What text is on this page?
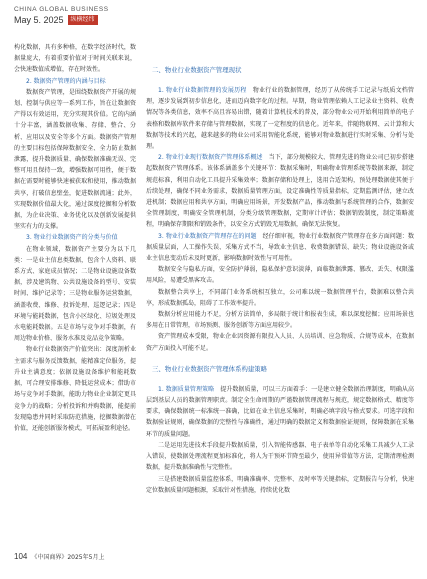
CHINA GLOBAL BUSINESS
May 5. 2025	纵横经纬

构化数据，具有多种格，在数字经济时代，数据量庞大，有着重要价值对于时间关联来说，会快速数值成增值，存在时效性。

2. 数据资产管理的内涵与目标

数据资产管理，是围绕数据资产开展的规划、控制与供应等一系列工作，旨在让数据资产得以有效运用，充分实现其价值。它的内涵十分丰富，涵盖数据收集、存储、整合、分析、应用以及安全等多个方面。数据资产管理的主要目标包括保障数据安全、全力防止数据泄露，提升数据质量、确保数据准确无误、完整可用且保持一致，增强数据可用性，便于数据在需要时能够快速被获取和使用，推动数据共享，打破信息壁垒，促进数据流通；此外，实现数据价值最大化，通过深度挖掘和分析数据，为企业决策、业务优化以及创新发展提供坚实有力的支撑。

3. 物业行业数据资产的分类与价值

在物业领域，数据资产主要分为以下几类：一是业主信息类数据，包含个人资料、联系方式、家庭成员情况；二是物业设施设备数据，涉及建筑物、公共设施设备的型号、安装时间、维护记录等；三是物业服务运营数据，涵盖收费、维修、投诉处理、巡逻记录；四是环境与能耗数据，包含小区绿化、垃圾处理及水电能耗数据。五是市场与竞争对手数据，有周边物业价格、服务水准及竞品竞争策略。

物业行业数据资产价值突出：深度剖析业主需求与服务反馈数据，能精准定位服务，提升业主满意度；依据设施设备维护和能耗数据，可合理安排维修、降低运营成本；借助市场与竞争对手数据，能助力物业企业制定更具竞争力的战略；分析投诉和并购数据，能提前发现隐患并同时采取防范措施，挖掘数据潜在价值，还能创新服务模式，可拓展盈利途径。

二、物业行业数据资产管理现状

1. 物业行业数据管理的发展历程　 物业行业的数据管理，经历了从传统手工记录与纸质文档管理，逐步发展到初步信息化，进而迈向数字化的过程。早期，物业管理依赖人工记录业主资料、收费情况等各类信息，效率不高且容易出错，随着计算机技术的普及，部分物业公司开始利用简单的电子表格和数据库软件来存储与管理数据，实现了一定程度的信息化。近年来，伴随物联网、云计算和大数据等技术的兴起，越来越多的物业公司采用智能化系统，能够对物业数据进行实时采集、分析与处理。

2. 物业行业现行数据资产管理体系概述　 当下，部分规模较大、管理先进的物业公司已初步搭建起数据资产管理体系。该体系涵盖多个关键环节：数据采集时，明确物业管理系统等数据来源，制定规范标准，利用自动化工具提升采集效率；数据存储和处理上，选用合适架构，预处理数据使其便于后续处理，确保不同业务需求，数据质量管理方面，设定准确性等质量指标，定期监测评估，建立改进机制；数据应用和共享方面，明确应用场景，开发数据产品，推动数据与系统管理的合作，数据安全管理制度，明确安全管理机制，分类分级管理数据，定期审计评估；数据销毁制度，制定策略流程，明确保存期限和销毁条件，以安全方式销毁无用数据，确保无法恢复。

3. 物业行业数据资产管理存在的问题　 经仔细审视，物业行业数据资产管理存在多方面问题：数据质量层面，人工操作失误、采集方式不当，导致业主信息、收费数据错误、缺失；物业设施设备或业主信息变动后未及时更新，影响数据时效性与可用性。

数据安全与隐私方面，安全防护薄弱，隐私保护意识淡薄，面临数据泄露、篡改、丢失、权限滥用风险，易遭受黑客攻击。

数据整合共享上，不同部门业务系统相互独立，公司难以统一数据管理平台，数据难以整合共享，形成数据孤岛，阻碍了工作效率提升。

数据分析应用能力不足，分析方法简单，多局限于统计和报表生成，难以深度挖掘；应用场景也多用在日常管理，市场预测、服务创新等方面应用较少。

资产管理成本受限，物业企业因资源有限投入人员、人员培训、应急物质、合规等成本，在数据资产方面投入可能不足。

三、物业行业数据资产管理体系构建策略

1. 数据质量管理策略　 提升数据质量，可以三方面着手：一是建立健全数据治理制度，明确从高层到基层人员的数据管理职责。制定全生命周期的严谨数据管理流程与规范，规定数据格式、精度等要求，确保数据统一标准统一准确，比如在业主信息采集时，明确必填字段与格式要求。可选字段和数据验证规则，确保数据的完整性与准确性，通过明确的数据定义和数据验证规则，保障数据在采集环节的质量问题。

二是运用先进技术手段提升数据质量，引入智能传感器、电子表单等自动化采集工具减少人工录入错误，使数据处理流程更加标准化，将人为干预环节降至最少，使用异常值等方法，定期清理检测数据，提升数据准确性与完整性。

三是搭建数据质量监控体系，明确准确率、完整率、及时率等关键指标，定期报告与分析，快速定位数据质量问题根源，采取针对性措施，持续优化数

104 《中国商界》2025年5月上
